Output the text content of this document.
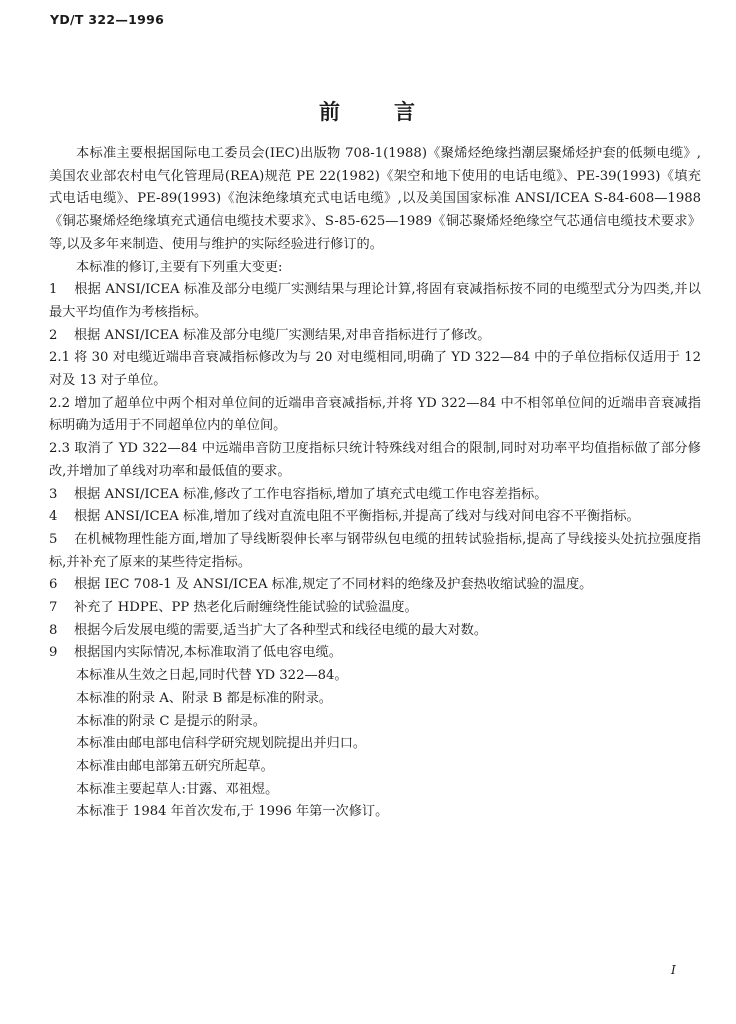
YD/T 322—1996
前 言

本标准主要根据国际电工委员会(IEC)出版物 708-1(1988)《聚烯烃绝缘挡潮层聚烯烃护套的低频电缆》,美国农业部农村电气化管理局(REA)规范 PE 22(1982)《架空和地下使用的电话电缆》、PE-39(1993)《填充式电话电缆》、PE-89(1993)《泡沫绝缘填充式电话电缆》,以及美国国家标准 ANSI/ICEA S-84-608—1988《铜芯聚烯烃绝缘填充式通信电缆技术要求》、S-85-625—1989《铜芯聚烯烃绝缘空气芯通信电缆技术要求》等,以及多年来制造、使用与维护的实际经验进行修订的。

本标准的修订,主要有下列重大变更:

1 根据 ANSI/ICEA 标准及部分电缆厂实测结果与理论计算,将固有衰减指标按不同的电缆型式分为四类,并以最大平均值作为考核指标。

2 根据 ANSI/ICEA 标准及部分电缆厂实测结果,对串音指标进行了修改。

2.1 将 30 对电缆近端串音衰减指标修改为与 20 对电缆相同,明确了 YD 322—84 中的子单位指标仅适用于 12 对及 13 对子单位。

2.2 增加了超单位中两个相对单位间的近端串音衰减指标,并将 YD 322—84 中不相邻单位间的近端串音衰减指标明确为适用于不同超单位内的单位间。

2.3 取消了 YD 322—84 中远端串音防卫度指标只统计特殊线对组合的限制,同时对功率平均值指标做了部分修改,并增加了单线对功率和最低值的要求。

3 根据 ANSI/ICEA 标准,修改了工作电容指标,增加了填充式电缆工作电容差指标。

4 根据 ANSI/ICEA 标准,增加了线对直流电阻不平衡指标,并提高了线对与线对间电容不平衡指标。

5 在机械物理性能方面,增加了导线断裂伸长率与钢带纵包电缆的扭转试验指标,提高了导线接头处抗拉强度指标,并补充了原来的某些待定指标。

6 根据 IEC 708-1 及 ANSI/ICEA 标准,规定了不同材料的绝缘及护套热收缩试验的温度。

7 补充了 HDPE、PP 热老化后耐缠绕性能试验的试验温度。

8 根据今后发展电缆的需要,适当扩大了各种型式和线径电缆的最大对数。

9 根据国内实际情况,本标准取消了低电容电缆。

本标准从生效之日起,同时代替 YD 322—84。

本标准的附录 A、附录 B 都是标准的附录。

本标准的附录 C 是提示的附录。

本标准由邮电部电信科学研究规划院提出并归口。

本标准由邮电部第五研究所起草。

本标准主要起草人:甘露、邓祖煜。

本标准于 1984 年首次发布,于 1996 年第一次修订。

I
